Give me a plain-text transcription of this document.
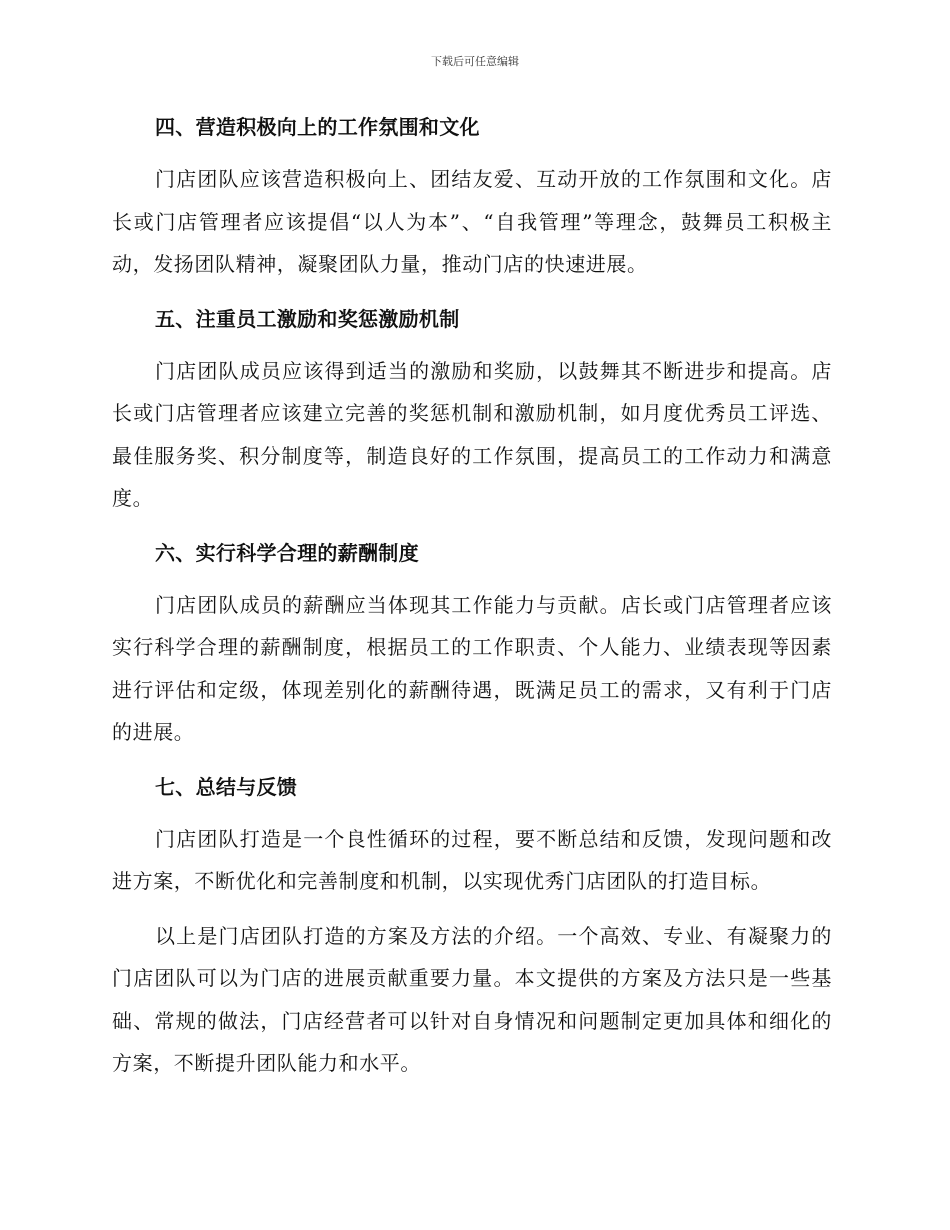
下载后可任意编辑
四、营造积极向上的工作氛围和文化

门店团队应该营造积极向上、团结友爱、互动开放的工作氛围和文化。店长或门店管理者应该提倡“以人为本”、“自我管理”等理念，鼓舞员工积极主动，发扬团队精神，凝聚团队力量，推动门店的快速进展。

五、注重员工激励和奖惩激励机制

门店团队成员应该得到适当的激励和奖励，以鼓舞其不断进步和提高。店长或门店管理者应该建立完善的奖惩机制和激励机制，如月度优秀员工评选、最佳服务奖、积分制度等，制造良好的工作氛围，提高员工的工作动力和满意度。

六、实行科学合理的薪酬制度

门店团队成员的薪酬应当体现其工作能力与贡献。店长或门店管理者应该实行科学合理的薪酬制度，根据员工的工作职责、个人能力、业绩表现等因素进行评估和定级，体现差别化的薪酬待遇，既满足员工的需求，又有利于门店的进展。

七、总结与反馈

门店团队打造是一个良性循环的过程，要不断总结和反馈，发现问题和改进方案，不断优化和完善制度和机制，以实现优秀门店团队的打造目标。

以上是门店团队打造的方案及方法的介绍。一个高效、专业、有凝聚力的门店团队可以为门店的进展贡献重要力量。本文提供的方案及方法只是一些基础、常规的做法，门店经营者可以针对自身情况和问题制定更加具体和细化的方案，不断提升团队能力和水平。
